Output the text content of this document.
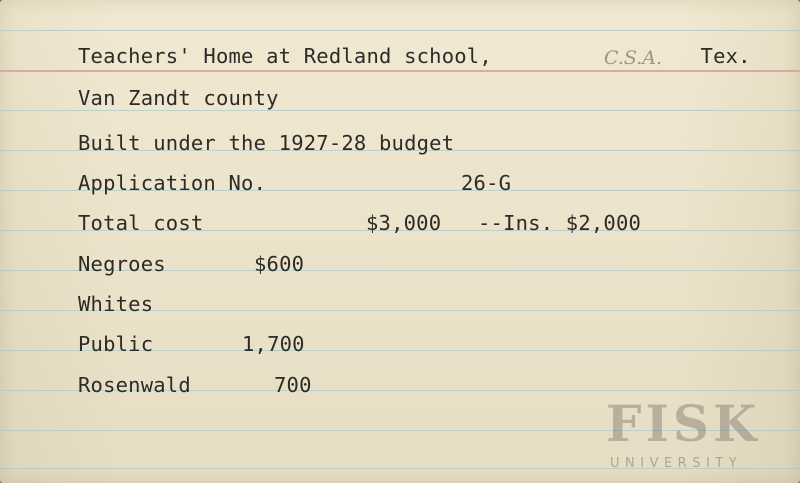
Teachers' Home at Redland school,	C.S.A. Tex.
Van Zandt county
Built under the 1927-28 budget
Application No.	26-G
Total cost	$3,000 --Ins. $2,000
Negroes	$600
Whites
Public	1,700
Rosenwald	700
FISK
UNIVERSITY
